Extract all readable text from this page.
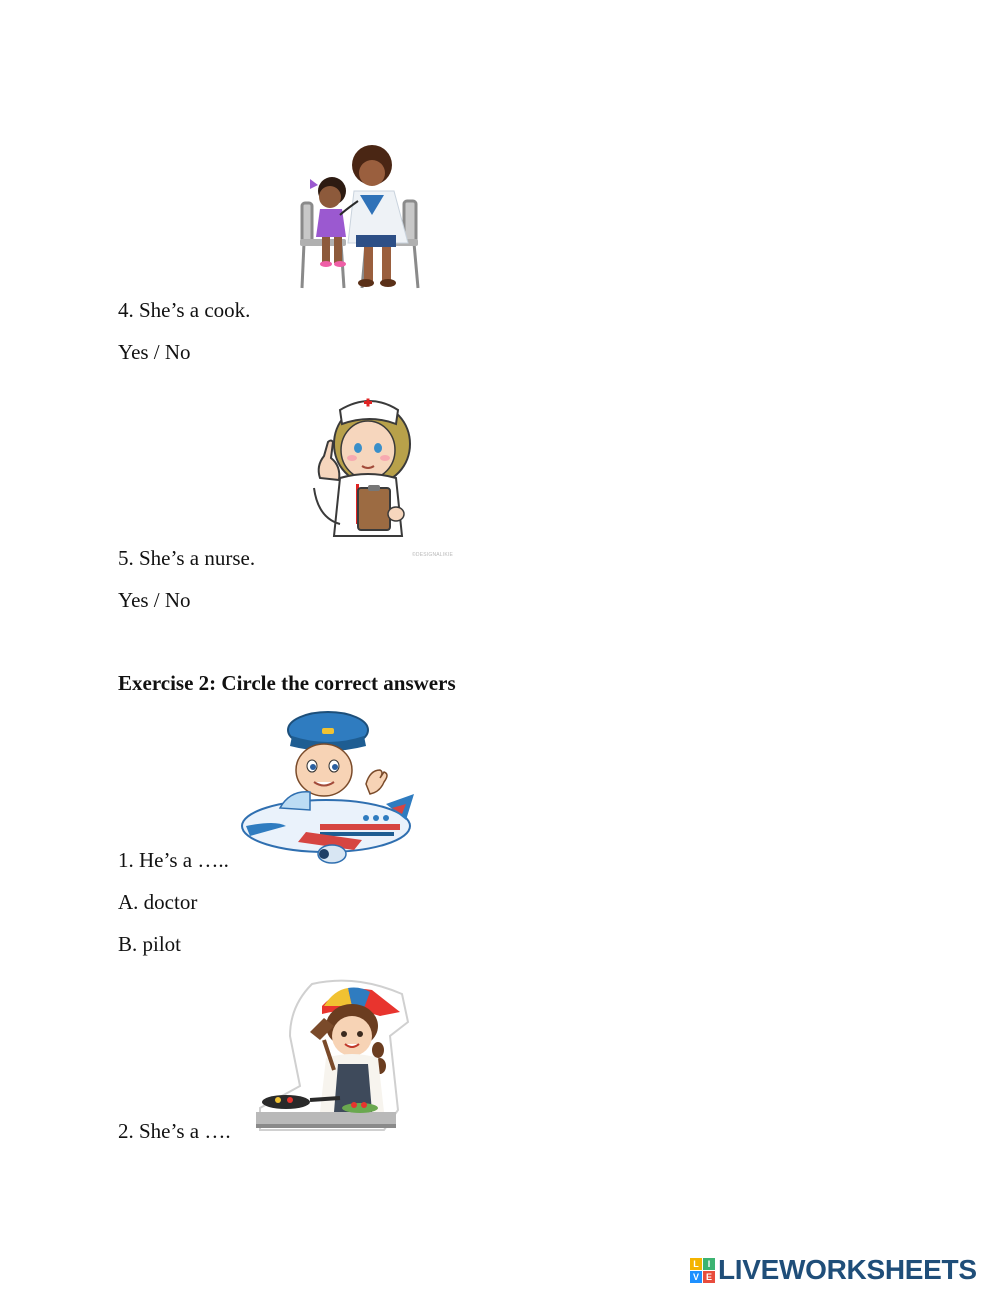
4. She’s a cook.
Yes / No
©DESIGNALIKIE
5. She’s a nurse.
Yes / No
Exercise 2: Circle the correct answers
1. He’s a …..
A. doctor
B. pilot
2. She’s a ….
L I
V E LIVEWORKSHEETS
